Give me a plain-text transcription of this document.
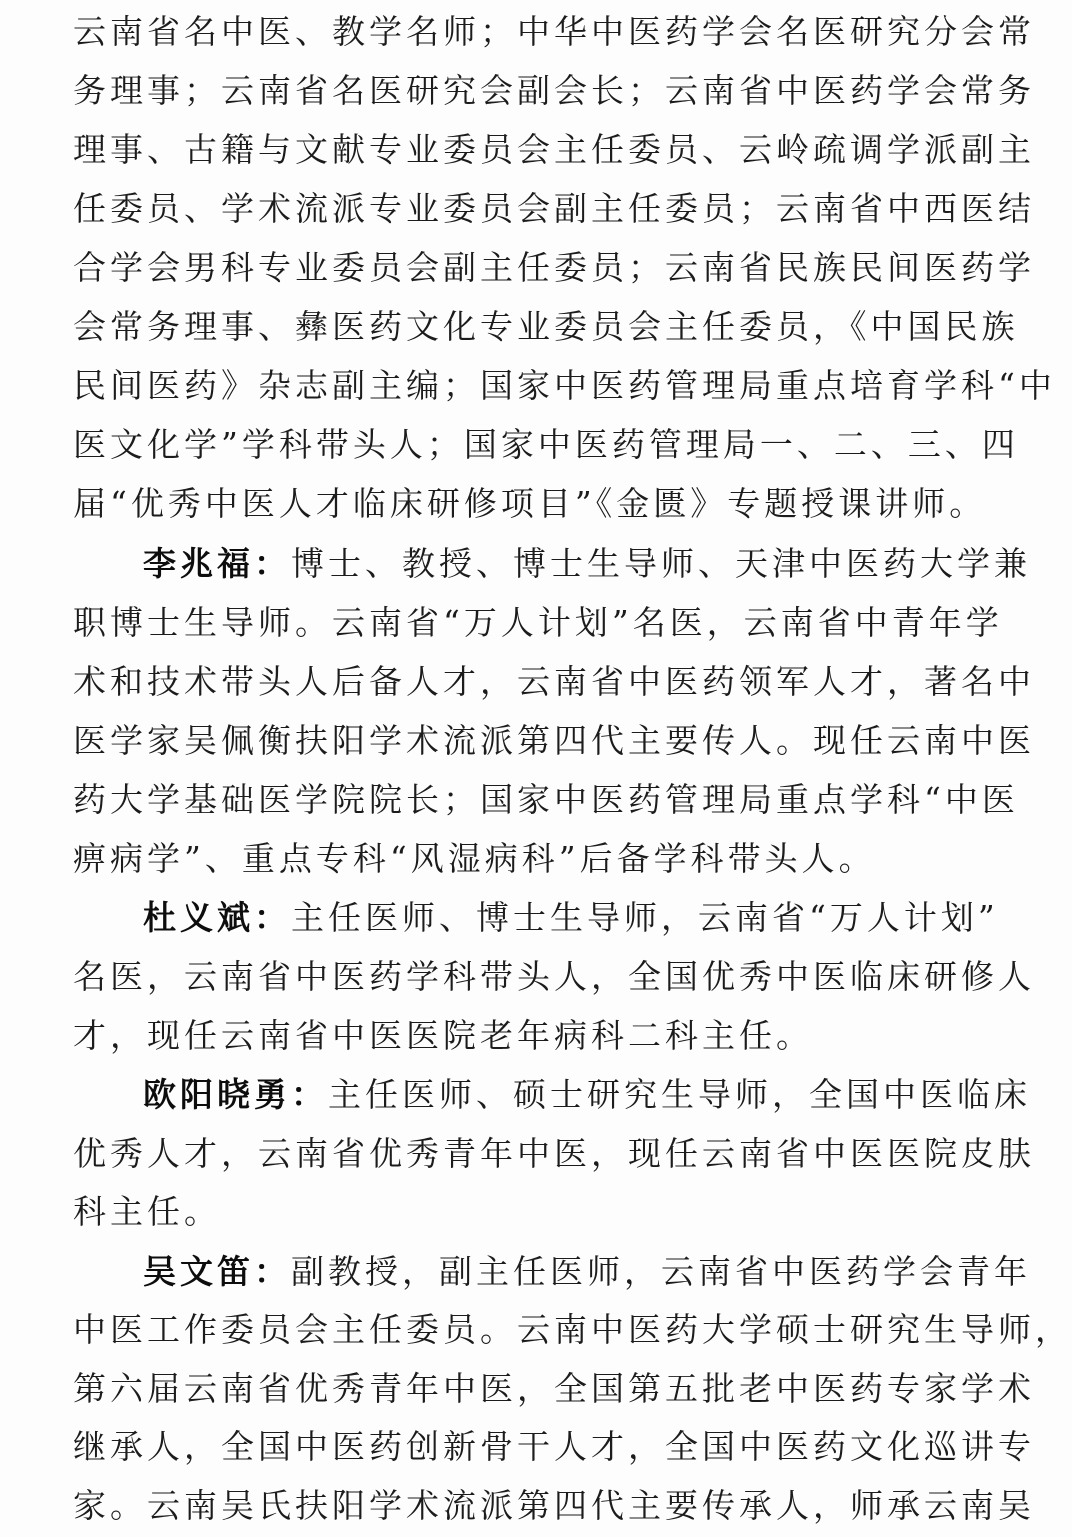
云南省名中医、教学名师；中华中医药学会名医研究分会常
务理事；云南省名医研究会副会长；云南省中医药学会常务
理事、古籍与文献专业委员会主任委员、云岭疏调学派副主
任委员、学术流派专业委员会副主任委员；云南省中西医结
合学会男科专业委员会副主任委员；云南省民族民间医药学
会常务理事、彝医药文化专业委员会主任委员，《中国民族
民间医药》杂志副主编；国家中医药管理局重点培育学科“中
医文化学”学科带头人；国家中医药管理局一、二、三、四
届“优秀中医人才临床研修项目”《金匮》专题授课讲师。
李兆福：博士、教授、博士生导师、天津中医药大学兼
职博士生导师。云南省“万人计划”名医，云南省中青年学
术和技术带头人后备人才，云南省中医药领军人才，著名中
医学家吴佩衡扶阳学术流派第四代主要传人。现任云南中医
药大学基础医学院院长；国家中医药管理局重点学科“中医
痹病学”、重点专科“风湿病科”后备学科带头人。
杜义斌：主任医师、博士生导师，云南省“万人计划”
名医，云南省中医药学科带头人，全国优秀中医临床研修人
才，现任云南省中医医院老年病科二科主任。
欧阳晓勇：主任医师、硕士研究生导师，全国中医临床
优秀人才，云南省优秀青年中医，现任云南省中医医院皮肤
科主任。
吴文笛：副教授，副主任医师，云南省中医药学会青年
中医工作委员会主任委员。云南中医药大学硕士研究生导师，
第六届云南省优秀青年中医，全国第五批老中医药专家学术
继承人，全国中医药创新骨干人才，全国中医药文化巡讲专
家。云南吴氏扶阳学术流派第四代主要传承人，师承云南吴
